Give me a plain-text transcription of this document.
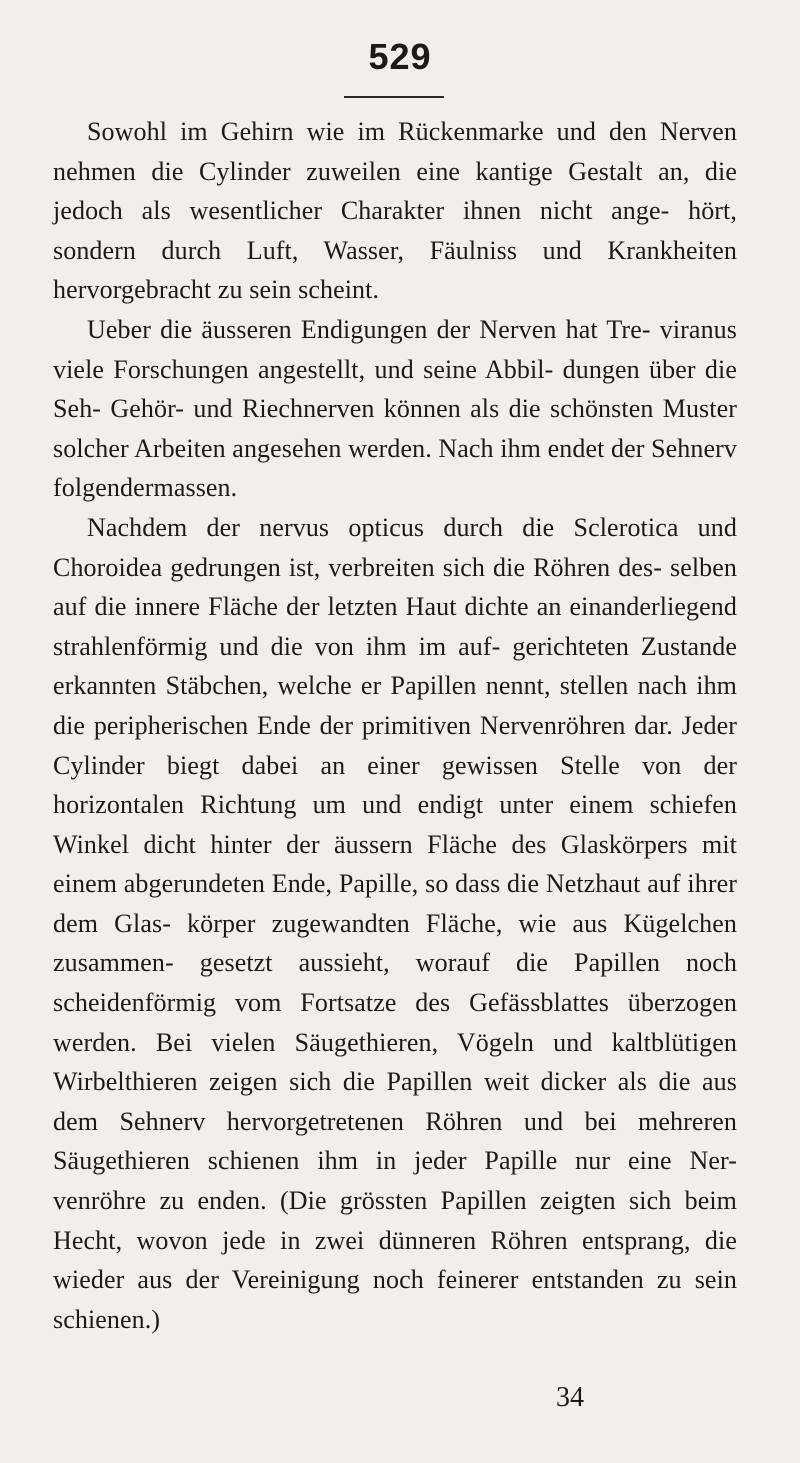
529

Sowohl im Gehirn wie im Rückenmarke und den Nerven nehmen die Cylinder zuweilen eine kantige Gestalt an, die jedoch als wesentlicher Charakter ihnen nicht ange- hört, sondern durch Luft, Wasser, Fäulniss und Krankheiten hervorgebracht zu sein scheint.

Ueber die äusseren Endigungen der Nerven hat Tre- viranus viele Forschungen angestellt, und seine Abbil- dungen über die Seh- Gehör- und Riechnerven können als die schönsten Muster solcher Arbeiten angesehen werden. Nach ihm endet der Sehnerv folgendermassen.

Nachdem der nervus opticus durch die Sclerotica und Choroidea gedrungen ist, verbreiten sich die Röhren des- selben auf die innere Fläche der letzten Haut dichte an einanderliegend strahlenförmig und die von ihm im auf- gerichteten Zustande erkannten Stäbchen, welche er Papillen nennt, stellen nach ihm die peripherischen Ende der primitiven Nervenröhren dar. Jeder Cylinder biegt dabei an einer gewissen Stelle von der horizontalen Richtung um und endigt unter einem schiefen Winkel dicht hinter der äussern Fläche des Glaskörpers mit einem abgerundeten Ende, Papille, so dass die Netzhaut auf ihrer dem Glas- körper zugewandten Fläche, wie aus Kügelchen zusammen- gesetzt aussieht, worauf die Papillen noch scheidenförmig vom Fortsatze des Gefässblattes überzogen werden. Bei vielen Säugethieren, Vögeln und kaltblütigen Wirbelthieren zeigen sich die Papillen weit dicker als die aus dem Sehnerv hervorgetretenen Röhren und bei mehreren Säugethieren schienen ihm in jeder Papille nur eine Ner- venröhre zu enden. (Die grössten Papillen zeigten sich beim Hecht, wovon jede in zwei dünneren Röhren entsprang, die wieder aus der Vereinigung noch feinerer entstanden zu sein schienen.)

34
